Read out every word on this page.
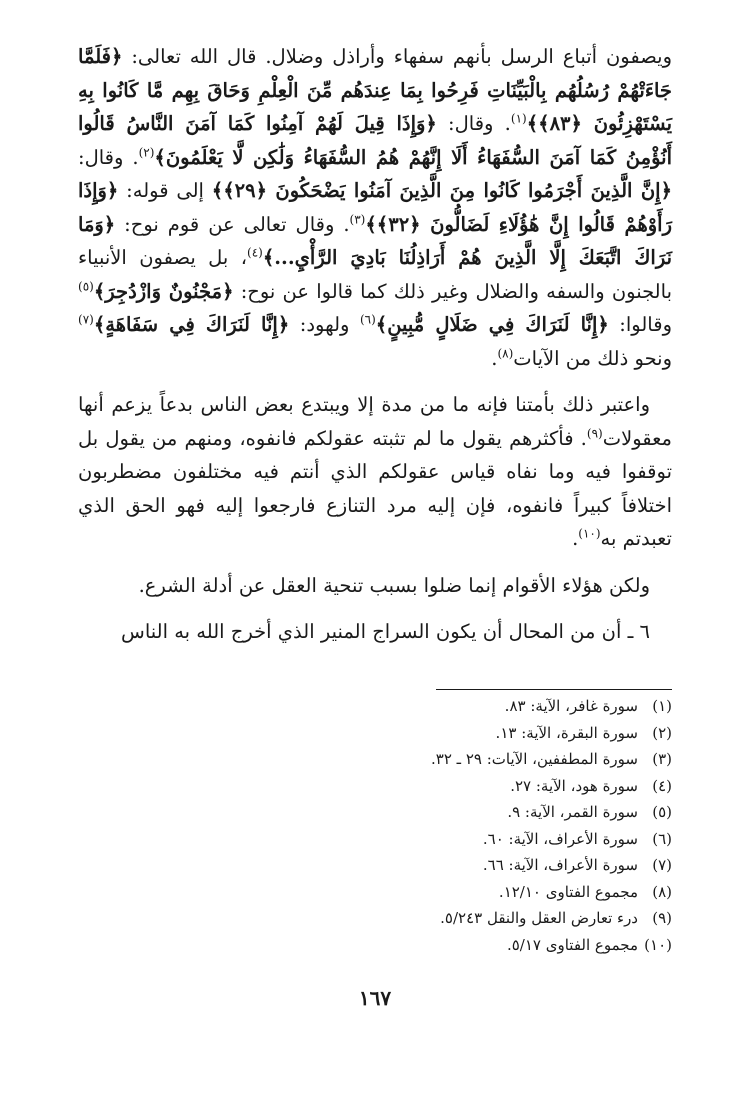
ويصفون أتباع الرسل بأنهم سفهاء وأراذل وضلال. قال الله تعالى: ﴿فَلَمَّا جَاءَتْهُمْ رُسُلُهُم بِالْبَيِّنَاتِ فَرِحُوا بِمَا عِندَهُم مِّنَ الْعِلْمِ وَحَاقَ بِهِم مَّا كَانُوا بِهِ يَسْتَهْزِئُونَ ﴿٨٣﴾﴾$^{(١)}$. وقال: ﴿وَإِذَا قِيلَ لَهُمْ آمِنُوا كَمَا آمَنَ النَّاسُ قَالُوا أَنُؤْمِنُ كَمَا آمَنَ السُّفَهَاءُ أَلَا إِنَّهُمْ هُمُ السُّفَهَاءُ وَلَٰكِن لَّا يَعْلَمُونَ﴾$^{(٢)}$. وقال: ﴿إِنَّ الَّذِينَ أَجْرَمُوا كَانُوا مِنَ الَّذِينَ آمَنُوا يَضْحَكُونَ ﴿٢٩﴾﴾ إلى قوله: ﴿وَإِذَا رَأَوْهُمْ قَالُوا إِنَّ هَٰؤُلَاءِ لَضَالُّونَ ﴿٣٢﴾﴾$^{(٣)}$. وقال تعالى عن قوم نوح: ﴿وَمَا نَرَاكَ اتَّبَعَكَ إِلَّا الَّذِينَ هُمْ أَرَاذِلُنَا بَادِيَ الرَّأْيِ...﴾$^{(٤)}$، بل يصفون الأنبياء بالجنون والسفه والضلال وغير ذلك كما قالوا عن نوح: ﴿مَجْنُونٌ وَازْدُجِرَ﴾$^{(٥)}$ وقالوا: ﴿إِنَّا لَنَرَاكَ فِي ضَلَالٍ مُّبِينٍ﴾$^{(٦)}$ ولهود: ﴿إِنَّا لَنَرَاكَ فِي سَفَاهَةٍ﴾$^{(٧)}$ ونحو ذلك من الآيات$^{(٨)}$.

واعتبر ذلك بأمتنا فإنه ما من مدة إلا ويبتدع بعض الناس بدعاً يزعم أنها معقولات$^{(٩)}$. فأكثرهم يقول ما لم تثبته عقولكم فانفوه، ومنهم من يقول بل توقفوا فيه وما نفاه قياس عقولكم الذي أنتم فيه مختلفون مضطربون اختلافاً كبيراً فانفوه، فإن إليه مرد التنازع فارجعوا إليه فهو الحق الذي تعبدتم به$^{(١٠)}$.

ولكن هؤلاء الأقوام إنما ضلوا بسبب تنحية العقل عن أدلة الشرع.

٦ ـ أن من المحال أن يكون السراج المنير الذي أخرج الله به الناس

(١)سورة غافر، الآية: ٨٣.
(٢)سورة البقرة، الآية: ١٣.
(٣)سورة المطففين، الآيات: ٢٩ ـ ٣٢.
(٤)سورة هود، الآية: ٢٧.
(٥)سورة القمر، الآية: ٩.
(٦)سورة الأعراف، الآية: ٦٠.
(٧)سورة الأعراف، الآية: ٦٦.
(٨)مجموع الفتاوى ١٢/١٠.
(٩)درء تعارض العقل والنقل ٥/٢٤٣.
(١٠)مجموع الفتاوى ٥/١٧.
١٦٧
